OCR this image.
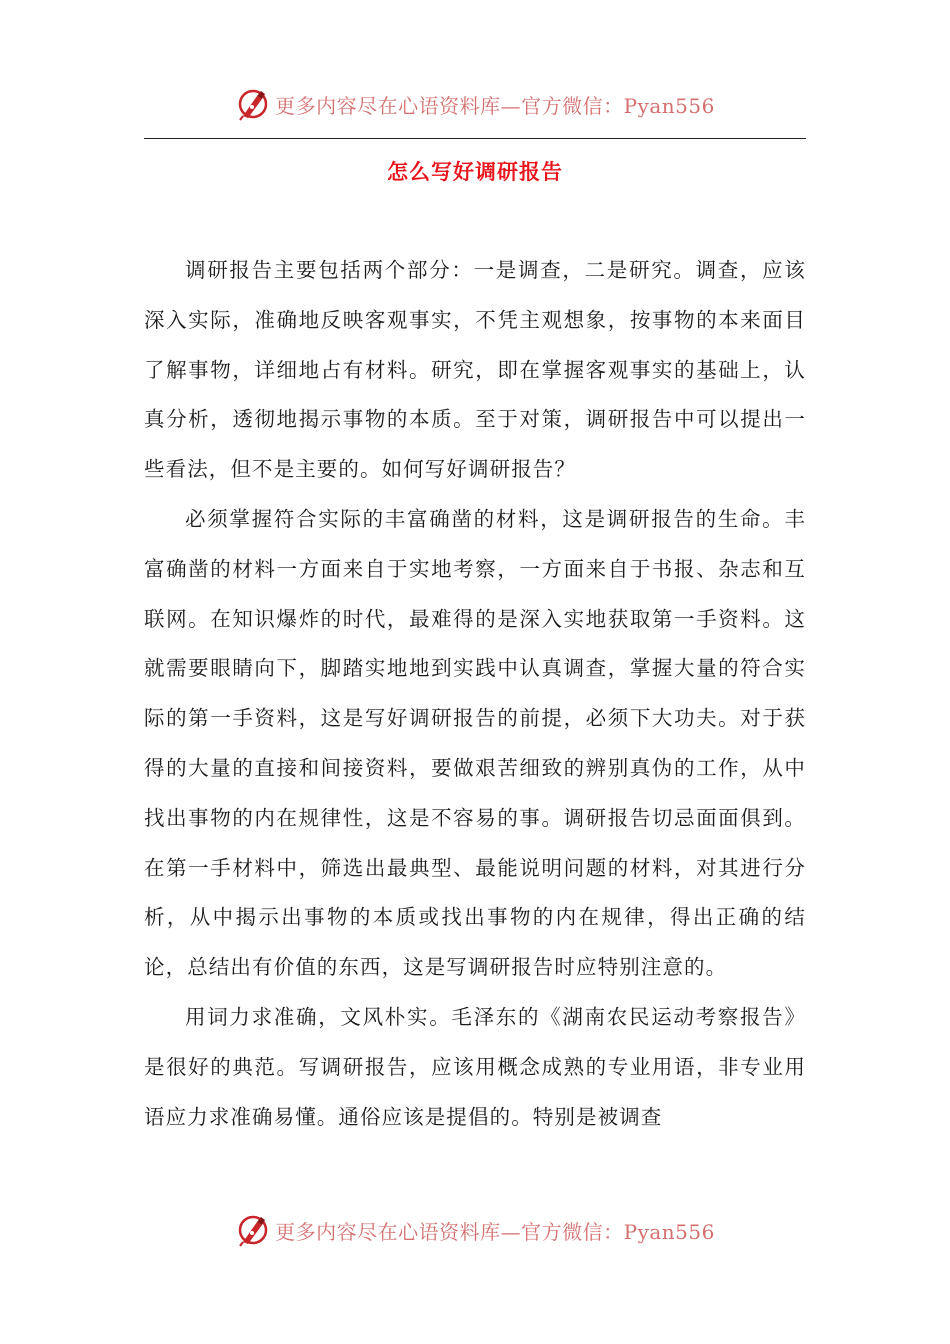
更多内容尽在心语资料库—官方微信：Pyan556
怎么写好调研报告

调研报告主要包括两个部分：一是调查，二是研究。调查，应该深入实际，准确地反映客观事实，不凭主观想象，按事物的本来面目了解事物，详细地占有材料。研究，即在掌握客观事实的基础上，认真分析，透彻地揭示事物的本质。至于对策，调研报告中可以提出一些看法，但不是主要的。如何写好调研报告？

必须掌握符合实际的丰富确凿的材料，这是调研报告的生命。丰富确凿的材料一方面来自于实地考察，一方面来自于书报、杂志和互联网。在知识爆炸的时代，最难得的是深入实地获取第一手资料。这就需要眼睛向下，脚踏实地地到实践中认真调查，掌握大量的符合实际的第一手资料，这是写好调研报告的前提，必须下大功夫。对于获得的大量的直接和间接资料，要做艰苦细致的辨别真伪的工作，从中找出事物的内在规律性，这是不容易的事。调研报告切忌面面俱到。在第一手材料中，筛选出最典型、最能说明问题的材料，对其进行分析，从中揭示出事物的本质或找出事物的内在规律，得出正确的结论，总结出有价值的东西，这是写调研报告时应特别注意的。

用词力求准确，文风朴实。毛泽东的《湖南农民运动考察报告》是很好的典范。写调研报告，应该用概念成熟的专业用语，非专业用语应力求准确易懂。通俗应该是提倡的。特别是被调查

更多内容尽在心语资料库—官方微信：Pyan556
